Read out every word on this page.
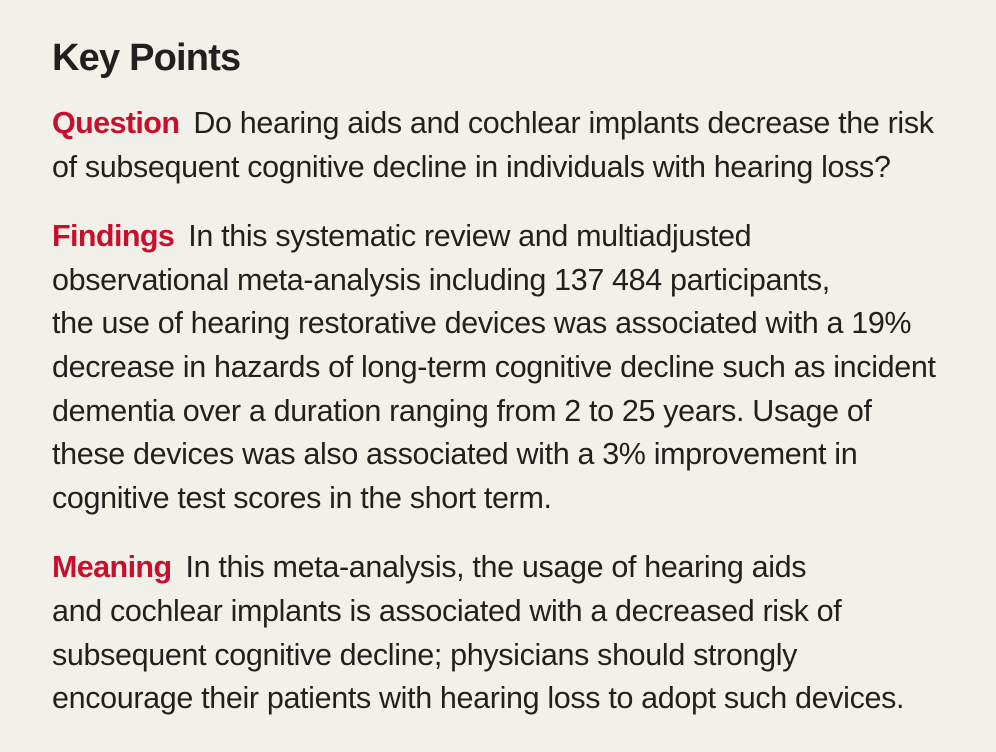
Key Points

Question Do hearing aids and cochlear implants decrease the risk
of subsequent cognitive decline in individuals with hearing loss?

Findings In this systematic review and multiadjusted
observational meta-analysis including 137 484 participants,
the use of hearing restorative devices was associated with a 19%
decrease in hazards of long-term cognitive decline such as incident
dementia over a duration ranging from 2 to 25 years. Usage of
these devices was also associated with a 3% improvement in
cognitive test scores in the short term.

Meaning In this meta-analysis, the usage of hearing aids
and cochlear implants is associated with a decreased risk of
subsequent cognitive decline; physicians should strongly
encourage their patients with hearing loss to adopt such devices.
